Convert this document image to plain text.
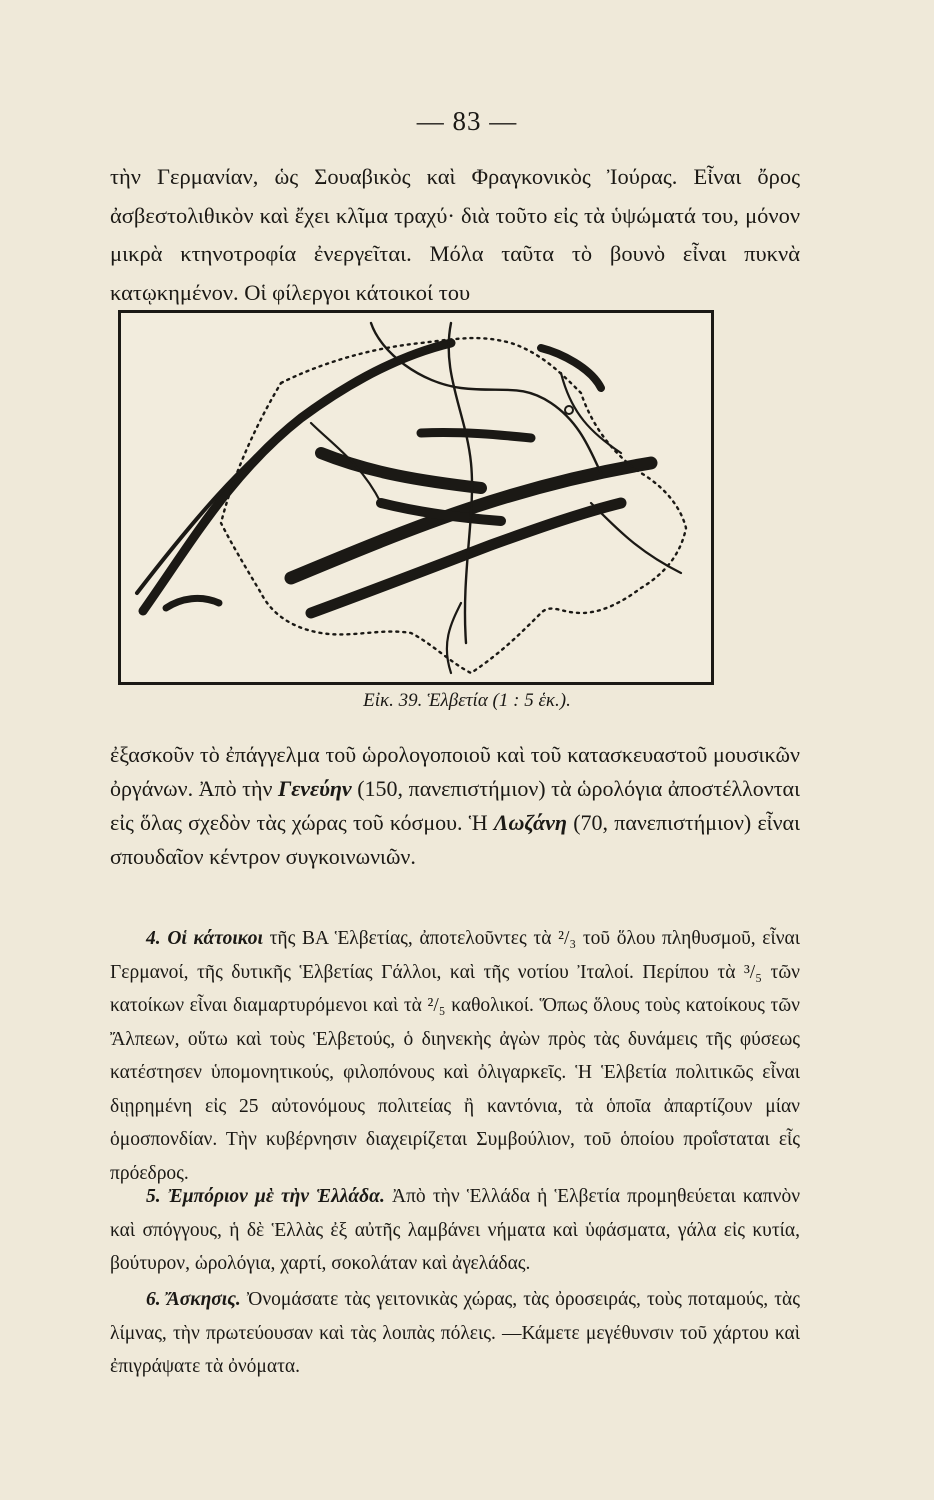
— 83 —

τὴν Γερμανίαν, ὡς Σουαβικὸς καὶ Φραγκονικὸς Ἰούρας. Εἶναι ὄρος ἀσβεστολιθικὸν καὶ ἔχει κλῖμα τραχύ· διὰ τοῦτο εἰς τὰ ὑψώματά του, μόνον μικρὰ κτηνοτροφία ἐνεργεῖται. Μόλα ταῦτα τὸ βουνὸ εἶναι πυκνὰ κατῳκημένον. Οἱ φίλεργοι κάτοικοί του

Εἰκ. 39. Ἑλβετία (1 : 5 ἑκ.).

ἐξασκοῦν τὸ ἐπάγγελμα τοῦ ὡρολογοποιοῦ καὶ τοῦ κατασκευαστοῦ μουσικῶν ὀργάνων. Ἀπὸ τὴν Γενεύην (150, πανεπιστήμιον) τὰ ὡρολόγια ἀποστέλλονται εἰς ὅλας σχεδὸν τὰς χώρας τοῦ κόσμου. Ἡ Λωζάνη (70, πανεπιστήμιον) εἶναι σπουδαῖον κέντρον συγκοινωνιῶν.

4. Οἱ κάτοικοι τῆς ΒΑ Ἑλβετίας, ἀποτελοῦντες τὰ ²/₃ τοῦ ὅλου πληθυσμοῦ, εἶναι Γερμανοί, τῆς δυτικῆς Ἑλβετίας Γάλλοι, καὶ τῆς νοτίου Ἰταλοί. Περίπου τὰ ³/₅ τῶν κατοίκων εἶναι διαμαρτυρόμενοι καὶ τὰ ²/₅ καθολικοί. Ὅπως ὅλους τοὺς κατοίκους τῶν Ἄλπεων, οὕτω καὶ τοὺς Ἑλβετούς, ὁ διηνεκὴς ἀγὼν πρὸς τὰς δυνάμεις τῆς φύσεως κατέστησεν ὑπομονητικούς, φιλοπόνους καὶ ὀλιγαρκεῖς. Ἡ Ἑλβετία πολιτικῶς εἶναι διῃρημένη εἰς 25 αὐτονόμους πολιτείας ἢ καντόνια, τὰ ὁποῖα ἀπαρτίζουν μίαν ὁμοσπονδίαν. Τὴν κυβέρνησιν διαχειρίζεται Συμβούλιον, τοῦ ὁποίου προΐσταται εἷς πρόεδρος.

5. Ἐμπόριον μὲ τὴν Ἑλλάδα. Ἀπὸ τὴν Ἑλλάδα ἡ Ἑλβετία προμηθεύεται καπνὸν καὶ σπόγγους, ἡ δὲ Ἑλλὰς ἐξ αὐτῆς λαμβάνει νήματα καὶ ὑφάσματα, γάλα εἰς κυτία, βούτυρον, ὡρολόγια, χαρτί, σοκολάταν καὶ ἀγελάδας.

6. Ἄσκησις. Ὀνομάσατε τὰς γειτονικὰς χώρας, τὰς ὀροσειράς, τοὺς ποταμούς, τὰς λίμνας, τὴν πρωτεύουσαν καὶ τὰς λοιπὰς πόλεις. —Κάμετε μεγέθυνσιν τοῦ χάρτου καὶ ἐπιγράψατε τὰ ὀνόματα.
